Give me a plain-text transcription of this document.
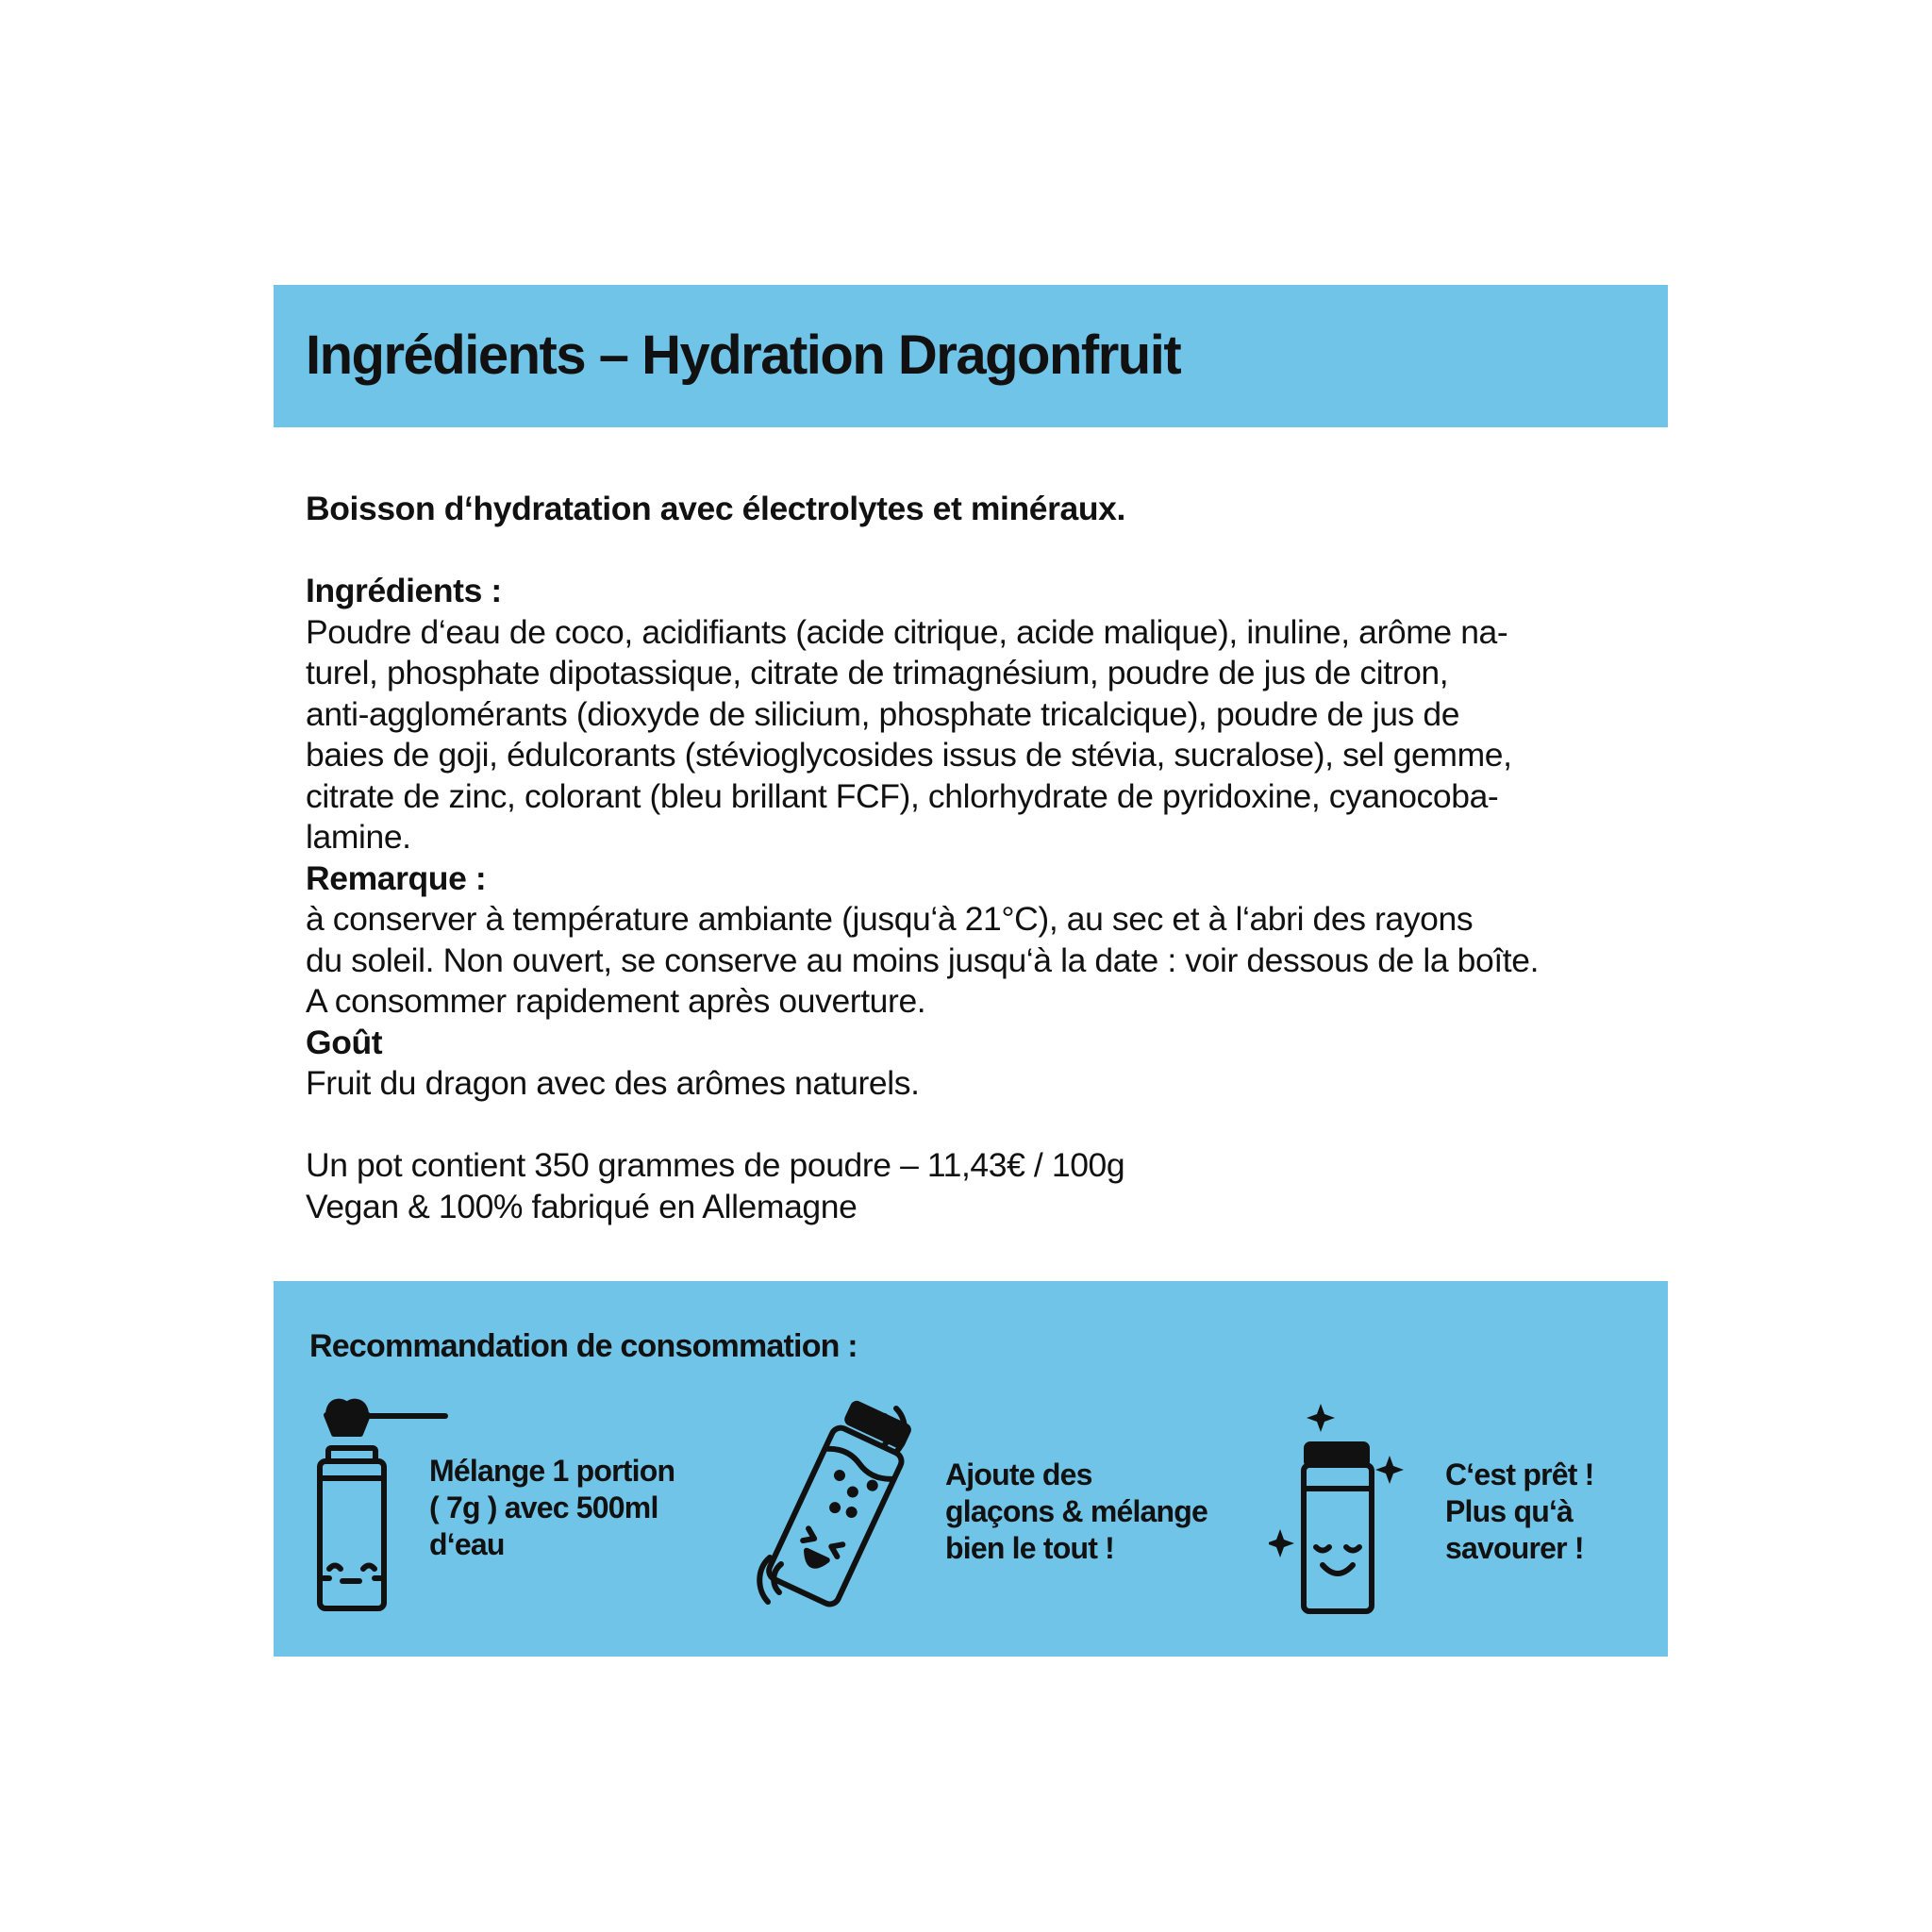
Ingrédients – Hydration Dragonfruit

Boisson d‘hydratation avec électrolytes et minéraux.

Ingrédients :

Poudre d‘eau de coco, acidifiants (acide citrique, acide malique), inuline, arôme na-

turel, phosphate dipotassique, citrate de trimagnésium, poudre de jus de citron,

anti-agglomérants (dioxyde de silicium, phosphate tricalcique), poudre de jus de

baies de goji, édulcorants (stévioglycosides issus de stévia, sucralose), sel gemme,

citrate de zinc, colorant (bleu brillant FCF), chlorhydrate de pyridoxine, cyanocoba-

lamine.

Remarque :

à conserver à température ambiante (jusqu‘à 21°C), au sec et à l‘abri des rayons

du soleil. Non ouvert, se conserve au moins jusqu‘à la date : voir dessous de la boîte.

A consommer rapidement après ouverture.

Goût

Fruit du dragon avec des arômes naturels.

Un pot contient 350 grammes de poudre – 11,43€ / 100g

Vegan & 100% fabriqué en Allemagne

Recommandation de consommation :
Mélange 1 portion
( 7g ) avec 500ml
d‘eau
Ajoute des
glaçons & mélange
bien le tout !
C‘est prêt !
Plus qu‘à
savourer !
